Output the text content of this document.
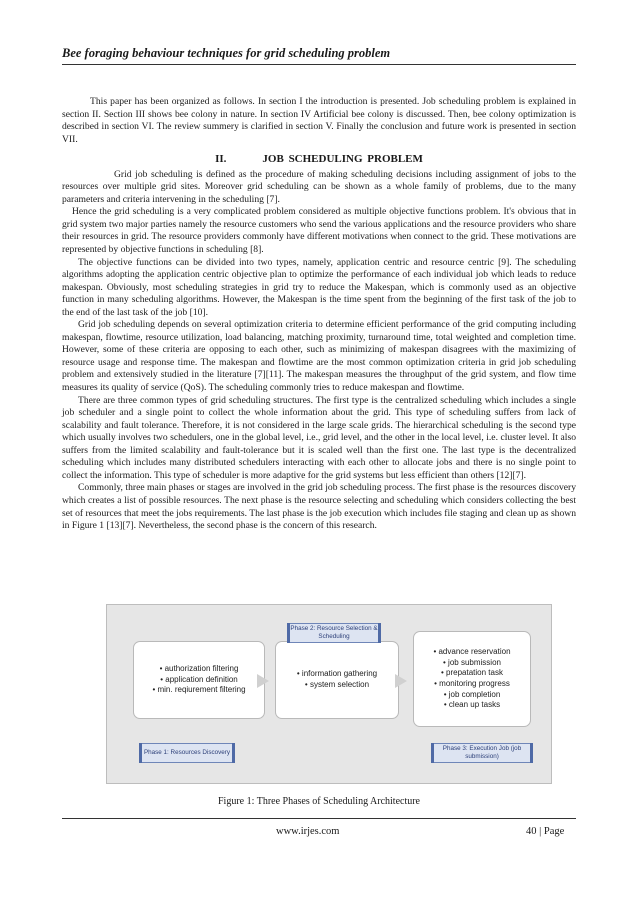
Bee foraging behaviour techniques for grid scheduling problem

This paper has been organized as follows. In section I the introduction is presented. Job scheduling problem is explained in section II. Section III shows bee colony in nature. In section IV Artificial bee colony is discussed. Then, bee colony optimization is described in section VI. The review summery is clarified in section V. Finally the conclusion and future work is presented in section VII.

II.	JOB SCHEDULING PROBLEM

Grid job scheduling is defined as the procedure of making scheduling decisions including assignment of jobs to the resources over multiple grid sites. Moreover grid scheduling can be shown as a whole family of problems, due to the many parameters and criteria intervening in the scheduling [7].

Hence the grid scheduling is a very complicated problem considered as multiple objective functions problem. It's obvious that in grid system two major parties namely the resource customers who send the various applications and the resource providers who share their resources in grid. The resource providers commonly have different motivations when connect to the grid. These motivations are represented by objective functions in scheduling [8].

The objective functions can be divided into two types, namely, application centric and resource centric [9]. The scheduling algorithms adopting the application centric objective plan to optimize the performance of each individual job which leads to reduce makespan. Obviously, most scheduling strategies in grid try to reduce the Makespan, which is commonly used as an objective function in many scheduling algorithms. However, the Makespan is the time spent from the beginning of the first task of the job to the end of the last task of the job [10].

Grid job scheduling depends on several optimization criteria to determine efficient performance of the grid computing including makespan, flowtime, resource utilization, load balancing, matching proximity, turnaround time, total weighted and completion time. However, some of these criteria are opposing to each other, such as minimizing of makespan disagrees with the maximizing of resource usage and response time. The makespan and flowtime are the most common optimization criteria in grid job scheduling problem and extensively studied in the literature [7][11]. The makespan measures the throughput of the grid system, and flow time measures its quality of service (QoS). The scheduling commonly tries to reduce makespan and flowtime.

There are three common types of grid scheduling structures. The first type is the centralized scheduling which includes a single job scheduler and a single point to collect the whole information about the grid. This type of scheduling suffers from lack of scalability and fault tolerance. Therefore, it is not considered in the large scale grids. The hierarchical scheduling is the second type which usually involves two schedulers, one in the global level, i.e., grid level, and the other in the local level, i.e. cluster level. It also suffers from the limited scalability and fault-tolerance but it is scaled well than the first one. The last type is the decentralized scheduling which includes many distributed schedulers interacting with each other to allocate jobs and there is no single point to collect the information. This type of scheduler is more adaptive for the grid systems but less efficient than others [12][7].

Commonly, three main phases or stages are involved in the grid job scheduling process. The first phase is the resources discovery which creates a list of possible resources. The next phase is the resource selecting and scheduling which considers collecting the best set of resources that meet the jobs requirements. The last phase is the job execution which includes file staging and clean up as shown in Figure 1 [13][7]. Nevertheless, the second phase is the concern of this research.

• authorization filtering
• application definition
• min. reqiurement filtering
• information gathering
• system selection
• advance reservation
• job submission
• prepatation task
• monitoring progress
• job completion
• clean up tasks
Phase 2: Resource Selection & Scheduling
Phase 1: Resources Discovery
Phase 3: Execution Job (job submission)
Figure 1: Three Phases of Scheduling Architecture
www.irjes.com	40 | Page
